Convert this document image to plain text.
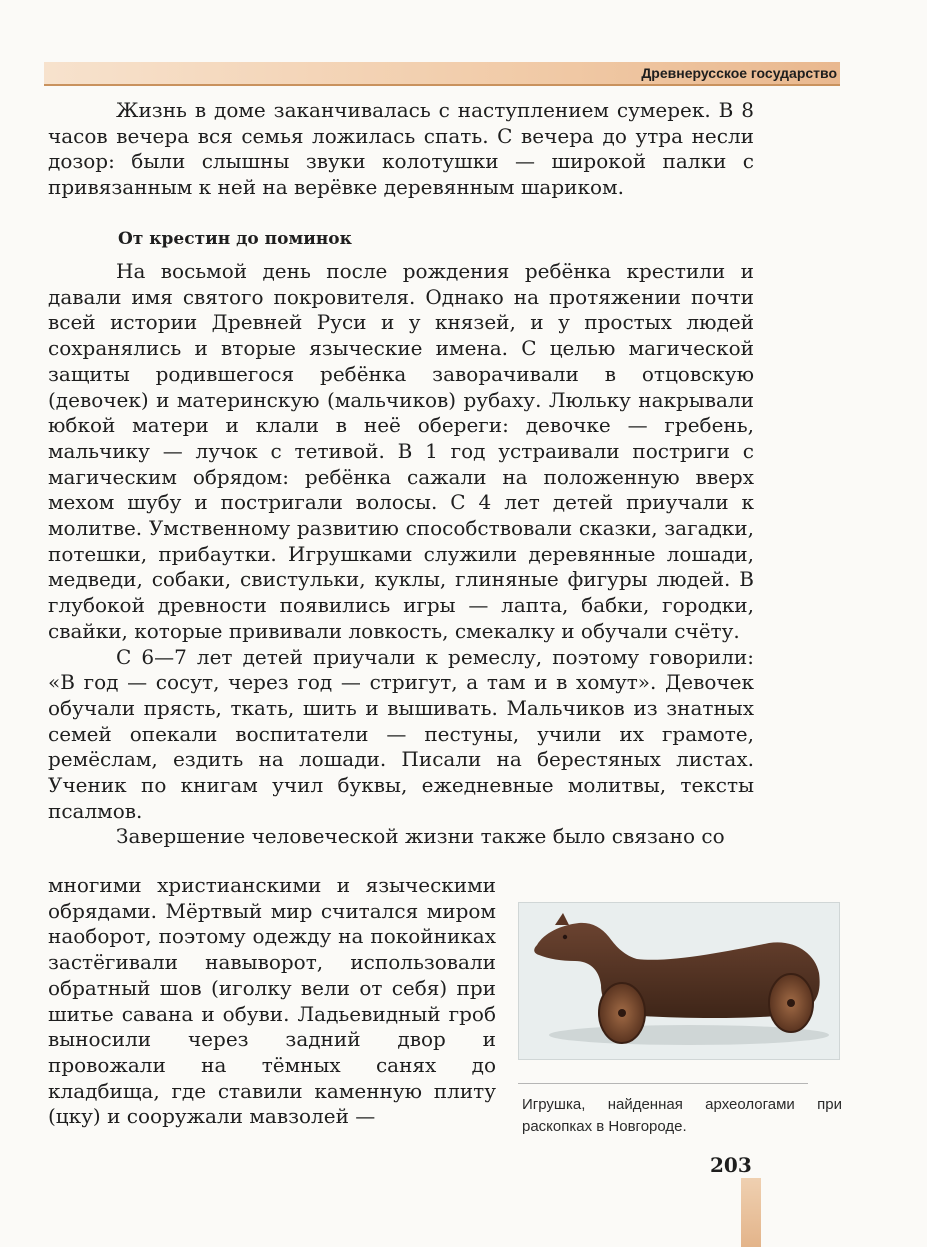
Древнерусское государство

Жизнь в доме заканчивалась с наступлением сумерек. В 8 часов вечера вся семья ложилась спать. С вечера до утра несли дозор: были слышны звуки колотушки — широкой палки с привязанным к ней на верёвке деревянным шариком.

От крестин до поминок

На восьмой день после рождения ребёнка крестили и давали имя святого покровителя. Однако на протяжении почти всей истории Древней Руси и у князей, и у простых людей сохранялись и вторые языческие имена. С целью магической защиты родившегося ребёнка заворачивали в отцовскую (девочек) и материнскую (мальчиков) рубаху. Люльку накрывали юбкой матери и клали в неё обереги: девочке — гребень, мальчику — лучок с тетивой. В 1 год устраивали постриги с магическим обрядом: ребёнка сажали на положенную вверх мехом шубу и постригали волосы. С 4 лет детей приучали к молитве. Умственному развитию способствовали сказки, загадки, потешки, прибаутки. Игрушками служили деревянные лошади, медведи, собаки, свистульки, куклы, глиняные фигуры людей. В глубокой древности появились игры — лапта, бабки, городки, свайки, которые прививали ловкость, смекалку и обучали счёту.

С 6—7 лет детей приучали к ремеслу, поэтому говорили: «В год — сосут, через год — стригут, а там и в хомут». Девочек обучали прясть, ткать, шить и вышивать. Мальчиков из знатных семей опекали воспитатели — пестуны, учили их грамоте, ремёслам, ездить на лошади. Писали на берестяных листах. Ученик по книгам учил буквы, ежедневные молитвы, тексты псалмов.

Завершение человеческой жизни также было связано со

многими христианскими и языческими обрядами. Мёртвый мир считался миром наоборот, поэтому одежду на покойниках застёгивали навыворот, использовали обратный шов (иголку вели от себя) при шитье савана и обуви. Ладьевидный гроб выносили через задний двор и провожали на тёмных санях до кладбища, где ставили каменную плиту (цку) и сооружали мавзолей —	Игрушка, найденная археологами при раскопках в Новгороде.

203
